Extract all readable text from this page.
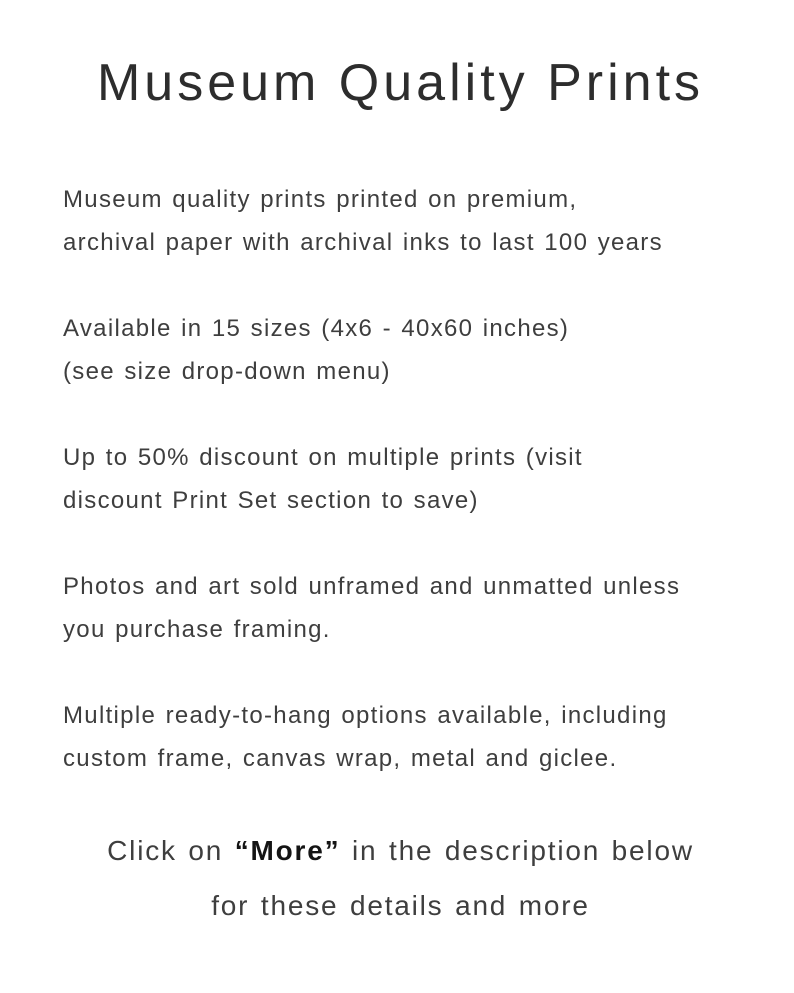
Museum Quality Prints

Museum quality prints printed on premium,
archival paper with archival inks to last 100 years

Available in 15 sizes (4x6 - 40x60 inches)
(see size drop-down menu)

Up to 50% discount on multiple prints (visit
discount Print Set section to save)

Photos and art sold unframed and unmatted unless
you purchase framing.

Multiple ready-to-hang options available, including
custom frame, canvas wrap, metal and giclee.

Click on “More” in the description below
for these details and more
